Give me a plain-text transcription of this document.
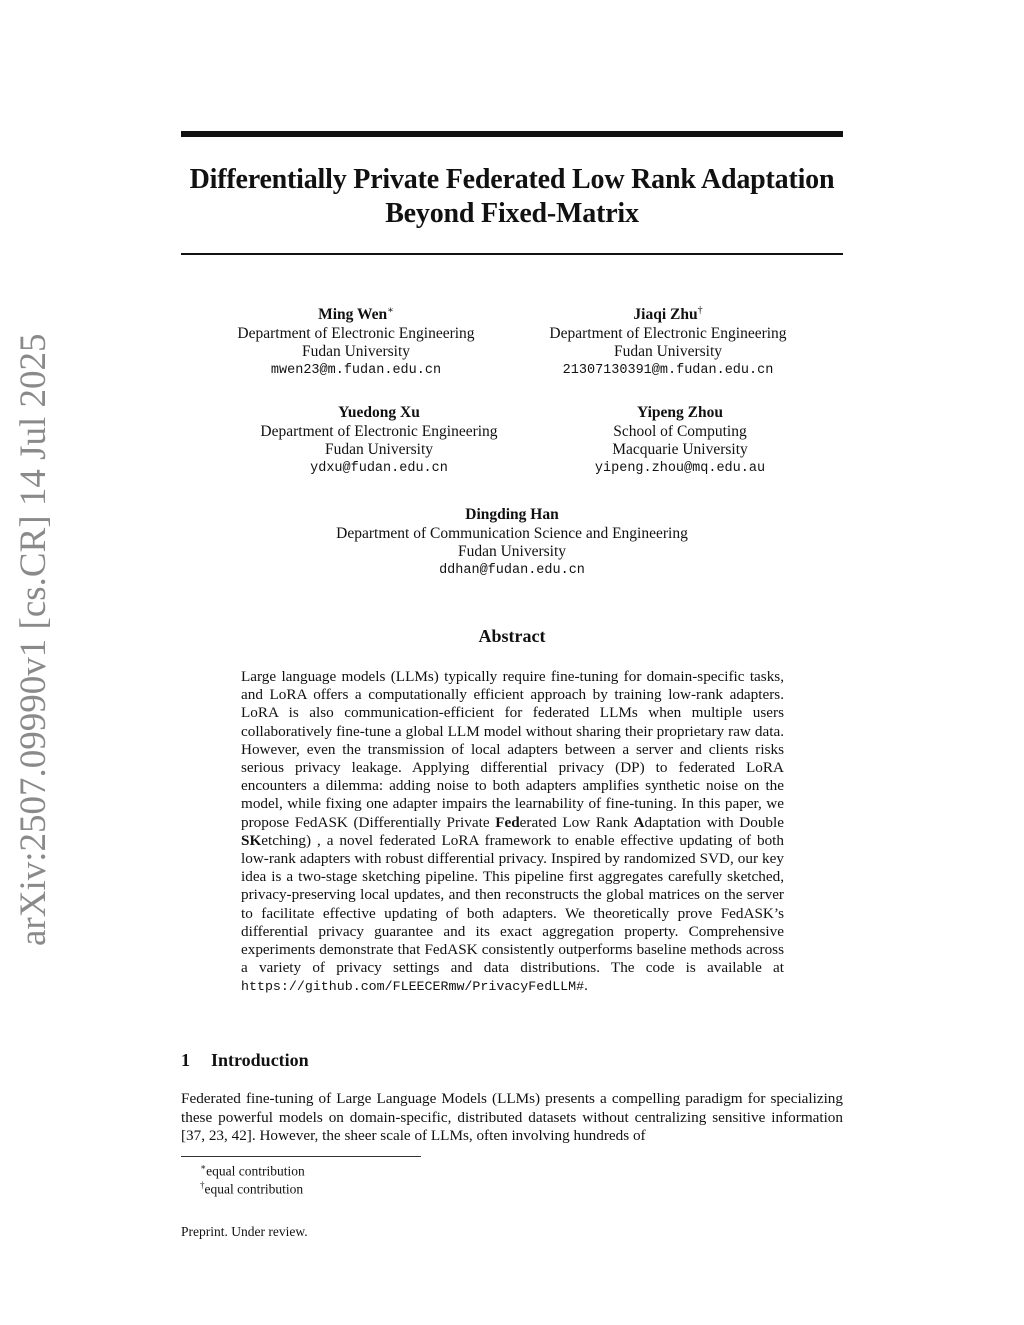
Differentially Private Federated Low Rank Adaptation
Beyond Fixed-Matrix
arXiv:2507.09990v1 [cs.CR] 14 Jul 2025
Ming Wen∗
Department of Electronic Engineering
Fudan University
mwen23@m.fudan.edu.cn
Jiaqi Zhu†
Department of Electronic Engineering
Fudan University
21307130391@m.fudan.edu.cn
Yuedong Xu
Department of Electronic Engineering
Fudan University
ydxu@fudan.edu.cn
Yipeng Zhou
School of Computing
Macquarie University
yipeng.zhou@mq.edu.au
Dingding Han
Department of Communication Science and Engineering
Fudan University
ddhan@fudan.edu.cn
Abstract

Large language models (LLMs) typically require fine-tuning for domain-specific tasks, and LoRA offers a computationally efficient approach by training low-rank adapters. LoRA is also communication-efficient for federated LLMs when multiple users collaboratively fine-tune a global LLM model without sharing their proprietary raw data. However, even the transmission of local adapters between a server and clients risks serious privacy leakage. Applying differential privacy (DP) to federated LoRA encounters a dilemma: adding noise to both adapters amplifies synthetic noise on the model, while fixing one adapter impairs the learnability of fine-tuning. In this paper, we propose FedASK (Differentially Private Federated Low Rank Adaptation with Double SKetching) , a novel federated LoRA framework to enable effective updating of both low-rank adapters with robust differential privacy. Inspired by randomized SVD, our key idea is a two-stage sketching pipeline. This pipeline first aggregates carefully sketched, privacy-preserving local updates, and then reconstructs the global matrices on the server to facilitate effective updating of both adapters. We theoretically prove FedASK’s differential privacy guarantee and its exact aggregation property. Comprehensive experiments demonstrate that FedASK consistently outperforms baseline methods across a variety of privacy settings and data distributions. The code is available at https://github.com/FLEECERmw/PrivacyFedLLM#.

1 Introduction

Federated fine-tuning of Large Language Models (LLMs) presents a compelling paradigm for specializing these powerful models on domain-specific, distributed datasets without centralizing sensitive information [37, 23, 42]. However, the sheer scale of LLMs, often involving hundreds of

∗equal contribution
†equal contribution
Preprint. Under review.
